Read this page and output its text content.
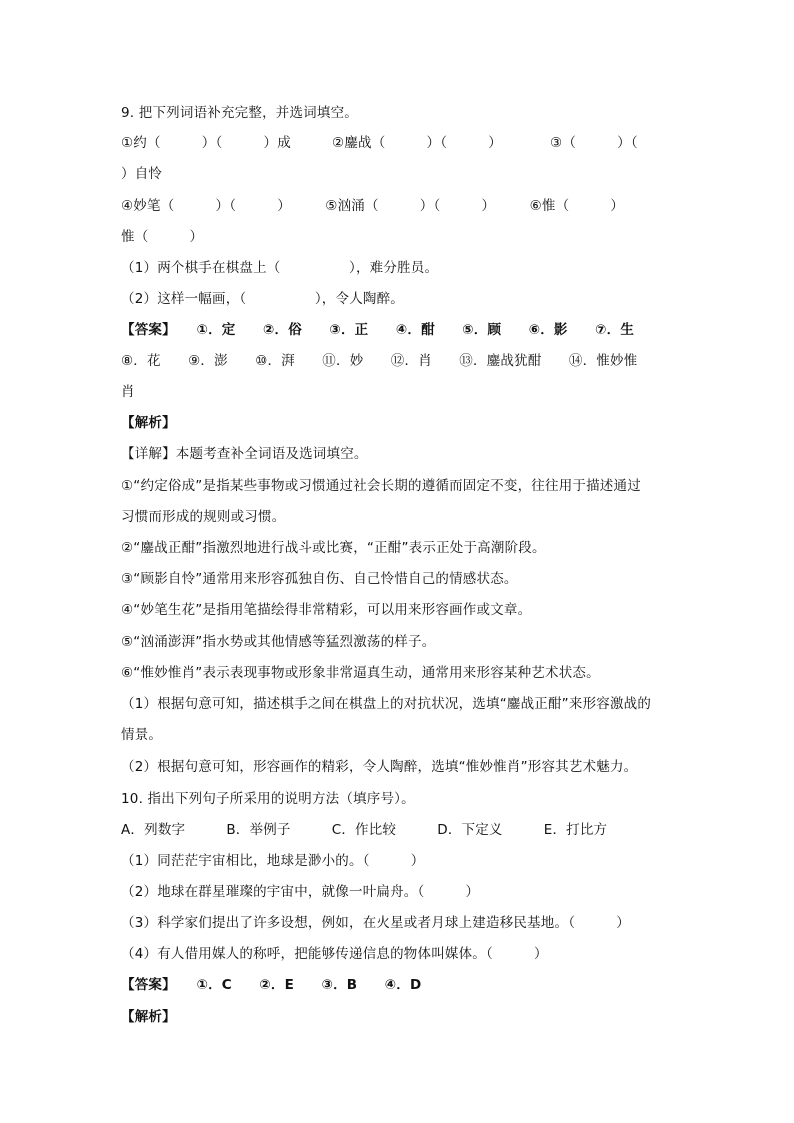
9. 把下列词语补充完整，并选词填空。
①约（　　　）（　　　）成　　　②鏖战（　　　）（　　　）　　　　③（　　　）（
）自怜
④妙笔（　　　）（　　　）　　　⑤汹涌（　　　）（　　　）　　　⑥惟（　　　）
惟（　　　）
（1）两个棋手在棋盘上（　　　　　），难分胜员。
（2）这样一幅画，（　　　　　），令人陶醉。
【答案】　　①．定　　②．俗　　③．正　　④．酣　　⑤．顾　　⑥．影　　⑦．生
⑧．花　　⑨．澎　　⑩．湃　　⑪．妙　　⑫．肖　　⑬．鏖战犹酣　　⑭．惟妙惟
肖
【解析】
【详解】本题考查补全词语及选词填空。
①“约定俗成”是指某些事物或习惯通过社会长期的遵循而固定不变，往往用于描述通过
习惯而形成的规则或习惯。
②“鏖战正酣”指激烈地进行战斗或比赛，“正酣”表示正处于高潮阶段。
③“顾影自怜”通常用来形容孤独自伤、自己怜惜自己的情感状态。
④“妙笔生花”是指用笔描绘得非常精彩，可以用来形容画作或文章。
⑤“汹涌澎湃”指水势或其他情感等猛烈激荡的样子。
⑥“惟妙惟肖”表示表现事物或形象非常逼真生动，通常用来形容某种艺术状态。
（1）根据句意可知，描述棋手之间在棋盘上的对抗状况，选填“鏖战正酣”来形容激战的
情景。
（2）根据句意可知，形容画作的精彩，令人陶醉，选填“惟妙惟肖”形容其艺术魅力。
10. 指出下列句子所采用的说明方法（填序号）。
A．列数字　　　B．举例子　　　C．作比较　　　D．下定义　　　E．打比方
（1）同茫茫宇宙相比，地球是渺小的。（　　　）
（2）地球在群星璀璨的宇宙中，就像一叶扁舟。（　　　）
（3）科学家们提出了许多设想，例如，在火星或者月球上建造移民基地。（　　　）
（4）有人借用媒人的称呼，把能够传递信息的物体叫媒体。（　　　）
【答案】　　①．C　　②．E　　③．B　　④．D
【解析】
